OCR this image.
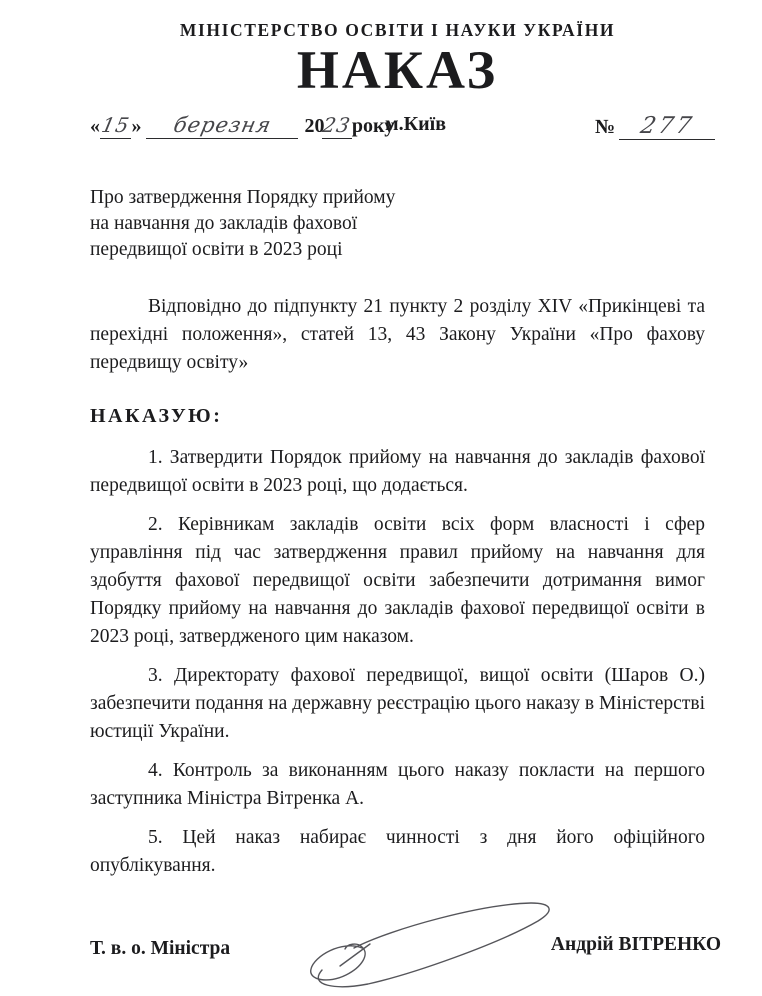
МІНІСТЕРСТВО ОСВІТИ І НАУКИ УКРАЇНИ
НАКАЗ
«15» березня 2023року
м.Київ	№ 277
Про затвердження Порядку прийому
на навчання до закладів фахової
передвищої освіти в 2023 році

Відповідно до підпункту 21 пункту 2 розділу XIV «Прикінцеві та перехідні положення», статей 13, 43 Закону України «Про фахову передвищу освіту»

НАКАЗУЮ:

1. Затвердити Порядок прийому на навчання до закладів фахової передвищої освіти в 2023 році, що додається.

2. Керівникам закладів освіти всіх форм власності і сфер управління під час затвердження правил прийому на навчання для здобуття фахової передвищої освіти забезпечити дотримання вимог Порядку прийому на навчання до закладів фахової передвищої освіти в 2023 році, затвердженого цим наказом.

3. Директорату фахової передвищої, вищої освіти (Шаров О.) забезпечити подання на державну реєстрацію цього наказу в Міністерстві юстиції України.

4. Контроль за виконанням цього наказу покласти на першого заступника Міністра Вітренка А.

5. Цей наказ набирає чинності з дня його офіційного опублікування.

Т. в. о. Міністра	Андрій ВІТРЕНКО
